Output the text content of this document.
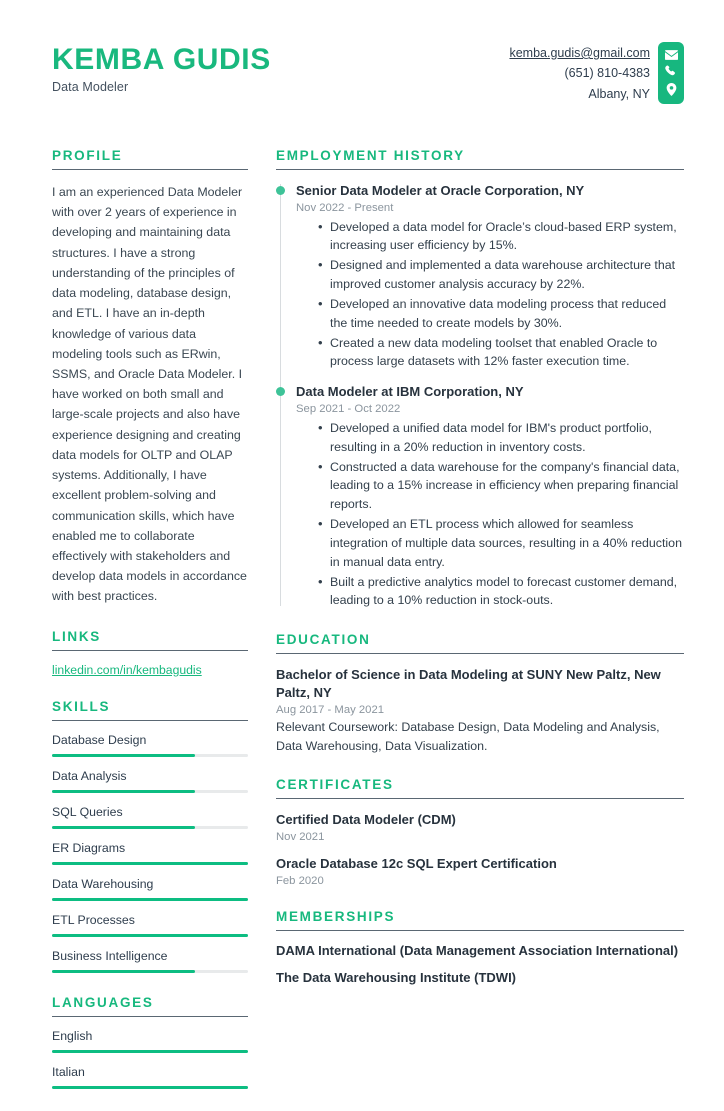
KEMBA GUDIS
Data Modeler
kemba.gudis@gmail.com
(651) 810-4383
Albany, NY
PROFILE
I am an experienced Data Modeler with over 2 years of experience in developing and maintaining data structures. I have a strong understanding of the principles of data modeling, database design, and ETL. I have an in-depth knowledge of various data modeling tools such as ERwin, SSMS, and Oracle Data Modeler. I have worked on both small and large-scale projects and also have experience designing and creating data models for OLTP and OLAP systems. Additionally, I have excellent problem-solving and communication skills, which have enabled me to collaborate effectively with stakeholders and develop data models in accordance with best practices.
LINKS
linkedin.com/in/kembagudis
SKILLS
Database Design
Data Analysis
SQL Queries
ER Diagrams
Data Warehousing
ETL Processes
Business Intelligence
LANGUAGES
English
Italian
EMPLOYMENT HISTORY
Senior Data Modeler at Oracle Corporation, NY
Nov 2022 - Present
• Developed a data model for Oracle’s cloud-based ERP system, increasing user efficiency by 15%.
• Designed and implemented a data warehouse architecture that improved customer analysis accuracy by 22%.
• Developed an innovative data modeling process that reduced the time needed to create models by 30%.
• Created a new data modeling toolset that enabled Oracle to process large datasets with 12% faster execution time.
Data Modeler at IBM Corporation, NY
Sep 2021 - Oct 2022
• Developed a unified data model for IBM's product portfolio, resulting in a 20% reduction in inventory costs.
• Constructed a data warehouse for the company's financial data, leading to a 15% increase in efficiency when preparing financial reports.
• Developed an ETL process which allowed for seamless integration of multiple data sources, resulting in a 40% reduction in manual data entry.
• Built a predictive analytics model to forecast customer demand, leading to a 10% reduction in stock-outs.
EDUCATION
Bachelor of Science in Data Modeling at SUNY New Paltz, New Paltz, NY
Aug 2017 - May 2021
Relevant Coursework: Database Design, Data Modeling and Analysis, Data Warehousing, Data Visualization.
CERTIFICATES
Certified Data Modeler (CDM)
Nov 2021
Oracle Database 12c SQL Expert Certification
Feb 2020
MEMBERSHIPS
DAMA International (Data Management Association International)
The Data Warehousing Institute (TDWI)
